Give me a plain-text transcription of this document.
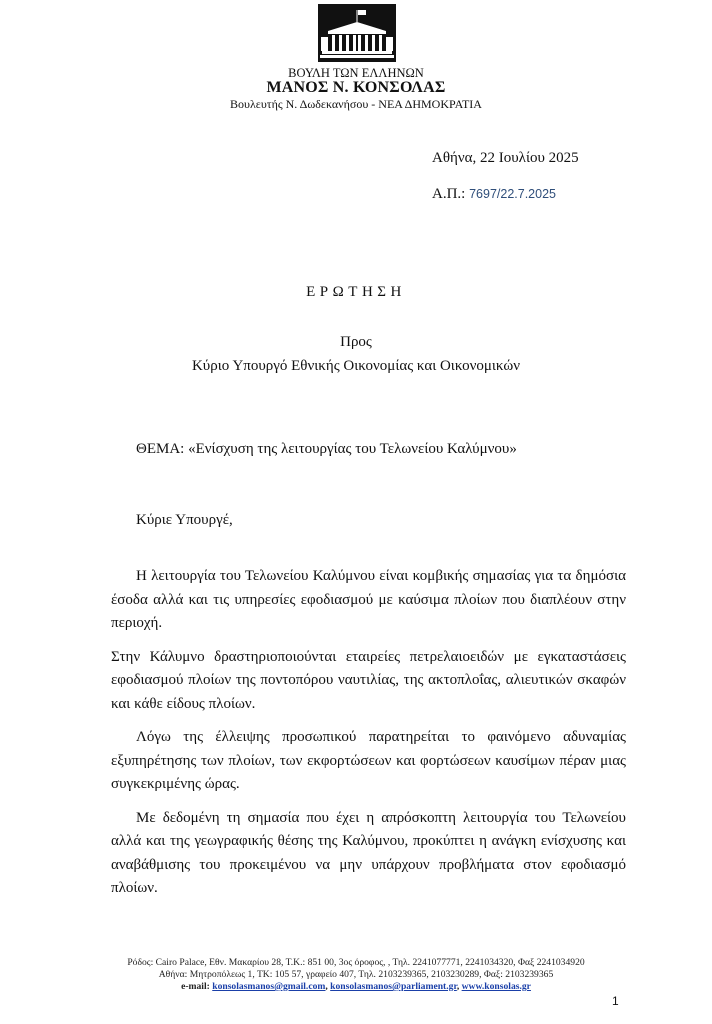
ΒΟΥΛΗ ΤΩΝ ΕΛΛΗΝΩΝ
ΜΑΝΟΣ Ν. ΚΟΝΣΟΛΑΣ
Βουλευτής Ν. Δωδεκανήσου - ΝΕΑ ΔΗΜΟΚΡΑΤΙΑ
Αθήνα, 22 Ιουλίου 2025
Α.Π.: 7697/22.7.2025
ΕΡΩΤΗΣΗ
Προς
Κύριο Υπουργό Εθνικής Οικονομίας και Οικονομικών
ΘΕΜΑ: «Ενίσχυση της λειτουργίας του Τελωνείου Καλύμνου»
Κύριε Υπουργέ,

Η λειτουργία του Τελωνείου Καλύμνου είναι κομβικής σημασίας για τα δημόσια έσοδα αλλά και τις υπηρεσίες εφοδιασμού με καύσιμα πλοίων που διαπλέουν στην περιοχή.

Στην Κάλυμνο δραστηριοποιούνται εταιρείες πετρελαιοειδών με εγκαταστάσεις εφοδιασμού πλοίων της ποντοπόρου ναυτιλίας, της ακτοπλοΐας, αλιευτικών σκαφών και κάθε είδους πλοίων.

Λόγω της έλλειψης προσωπικού παρατηρείται το φαινόμενο αδυναμίας εξυπηρέτησης των πλοίων, των εκφορτώσεων και φορτώσεων καυσίμων πέραν μιας συγκεκριμένης ώρας.

Με δεδομένη τη σημασία που έχει η απρόσκοπτη λειτουργία του Τελωνείου αλλά και της γεωγραφικής θέσης της Καλύμνου, προκύπτει η ανάγκη ενίσχυσης και αναβάθμισης του προκειμένου να μην υπάρχουν προβλήματα στον εφοδιασμό πλοίων.

Ρόδος: Cairo Palace, Εθν. Μακαρίου 28, Τ.Κ.: 851 00, 3ος όροφος, , Τηλ. 2241077771, 2241034320, Φαξ 2241034920
Αθήνα: Μητροπόλεως 1, ΤΚ: 105 57, γραφείο 407, Τηλ. 2103239365, 2103230289, Φαξ: 2103239365
e-mail: konsolasmanos@gmail.com, konsolasmanos@parliament.gr, www.konsolas.gr
1
